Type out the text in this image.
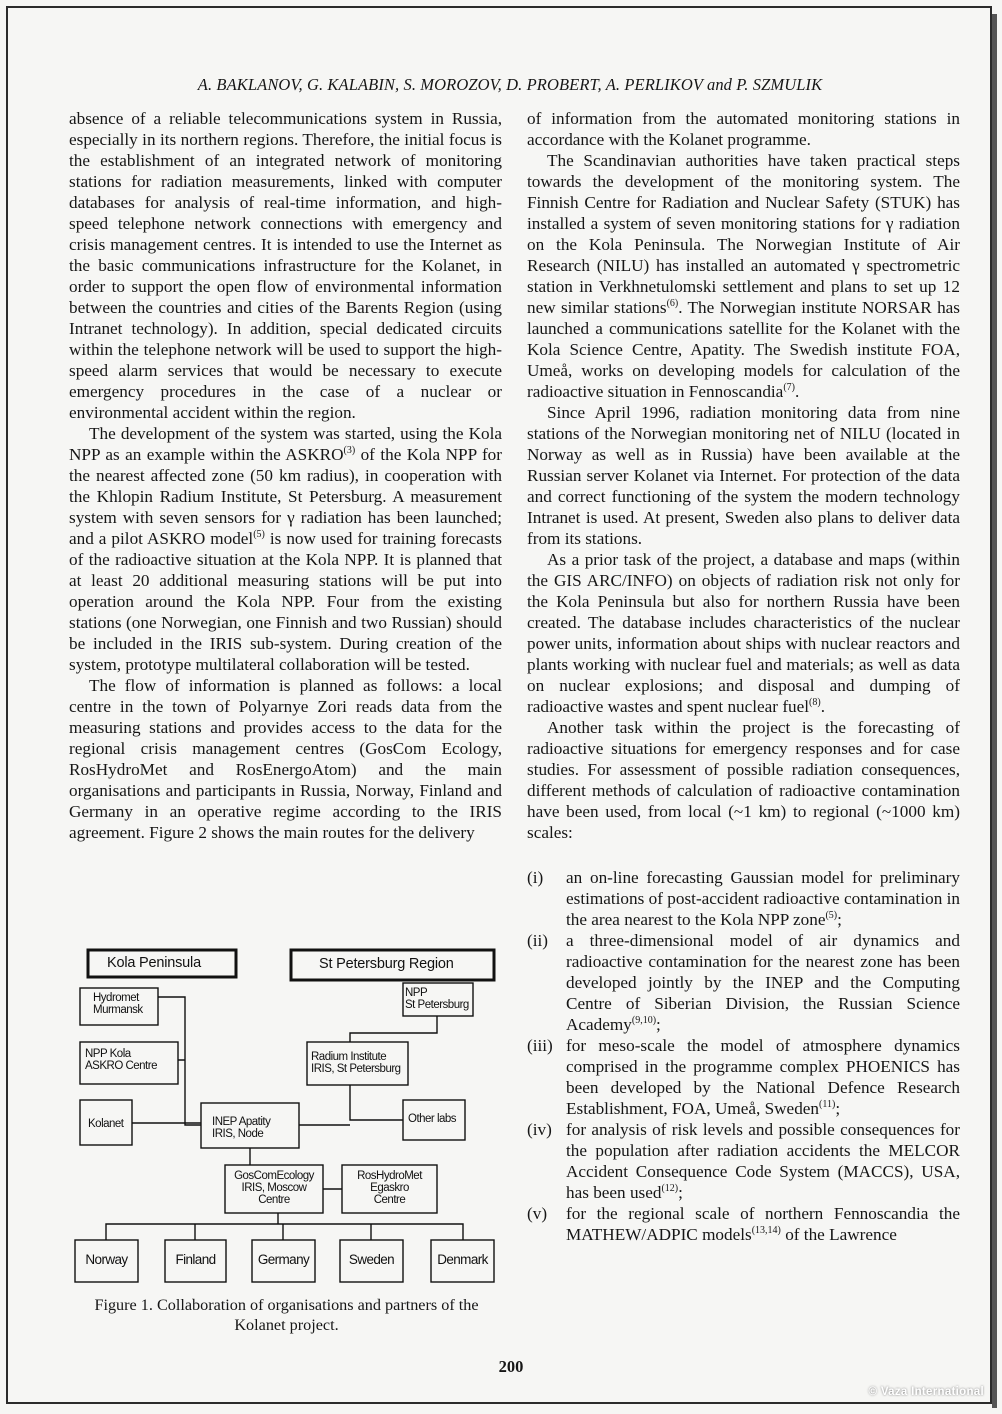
A. BAKLANOV, G. KALABIN, S. MOROZOV, D. PROBERT, A. PERLIKOV and P. SZMULIK

absence of a reliable telecommunications system in Russia, especially in its northern regions. Therefore, the initial focus is the establishment of an integrated network of monitoring stations for radiation measurements, linked with computer databases for analysis of real-time information, and high-speed telephone network connections with emergency and crisis management centres. It is intended to use the Internet as the basic communications infrastructure for the Kolanet, in order to support the open flow of environmental information between the countries and cities of the Barents Region (using Intranet technology). In addition, special dedicated circuits within the telephone network will be used to support the high-speed alarm services that would be necessary to execute emergency procedures in the case of a nuclear or environmental accident within the region.

The development of the system was started, using the Kola NPP as an example within the ASKRO$^{(3)}$ of the Kola NPP for the nearest affected zone (50 km radius), in cooperation with the Khlopin Radium Institute, St Petersburg. A measurement system with seven sensors for γ radiation has been launched; and a pilot ASKRO model$^{(5)}$ is now used for training forecasts of the radioactive situation at the Kola NPP. It is planned that at least 20 additional measuring stations will be put into operation around the Kola NPP. Four from the existing stations (one Norwegian, one Finnish and two Russian) should be included in the IRIS sub-system. During creation of the system, prototype multilateral collaboration will be tested.

The flow of information is planned as follows: a local centre in the town of Polyarnye Zori reads data from the measuring stations and provides access to the data for the regional crisis management centres (GosCom Ecology, RosHydroMet and RosEnergoAtom) and the main organisations and participants in Russia, Norway, Finland and Germany in an operative regime according to the IRIS agreement. Figure 2 shows the main routes for the delivery

Kola Peninsula	St Petersburg Region
Hydromet
Murmansk
NPP Kola
ASKRO Centre
Kolanet	INEP Apatity
IRIS, Node
NPP
St Petersburg
Radium Institute
IRIS, St Petersburg
Other labs
GosComEcology
IRIS, Moscow
Centre
RosHydroMet
Egaskro
Centre
Norway	Finland	Germany	Sweden	Denmark
Figure 1. Collaboration of organisations and partners of the Kolanet project.

of information from the automated monitoring stations in accordance with the Kolanet programme.

The Scandinavian authorities have taken practical steps towards the development of the monitoring system. The Finnish Centre for Radiation and Nuclear Safety (STUK) has installed a system of seven monitoring stations for γ radiation on the Kola Peninsula. The Norwegian Institute of Air Research (NILU) has installed an automated γ spectrometric station in Verkhnetulomski settlement and plans to set up 12 new similar stations$^{(6)}$. The Norwegian institute NORSAR has launched a communications satellite for the Kolanet with the Kola Science Centre, Apatity. The Swedish institute FOA, Umeå, works on developing models for calculation of the radioactive situation in Fennoscandia$^{(7)}$.

Since April 1996, radiation monitoring data from nine stations of the Norwegian monitoring net of NILU (located in Norway as well as in Russia) have been available at the Russian server Kolanet via Internet. For protection of the data and correct functioning of the system the modern technology Intranet is used. At present, Sweden also plans to deliver data from its stations.

As a prior task of the project, a database and maps (within the GIS ARC/INFO) on objects of radiation risk not only for the Kola Peninsula but also for northern Russia have been created. The database includes characteristics of the nuclear power units, information about ships with nuclear reactors and plants working with nuclear fuel and materials; as well as data on nuclear explosions; and disposal and dumping of radioactive wastes and spent nuclear fuel$^{(8)}$.

Another task within the project is the forecasting of radioactive situations for emergency responses and for case studies. For assessment of possible radiation consequences, different methods of calculation of radioactive contamination have been used, from local (~1 km) to regional (~1000 km) scales:

(i) an on-line forecasting Gaussian model for preliminary estimations of post-accident radioactive contamination in the area nearest to the Kola NPP zone$^{(5)}$;
(ii) a three-dimensional model of air dynamics and radioactive contamination for the nearest zone has been developed jointly by the INEP and the Computing Centre of Siberian Division, the Russian Science Academy$^{(9,10)}$;
(iii) for meso-scale the model of atmosphere dynamics comprised in the programme complex PHOENICS has been developed by the National Defence Research Establishment, FOA, Umeå, Sweden$^{(11)}$;
(iv) for analysis of risk levels and possible consequences for the population after radiation accidents the MELCOR Accident Consequence Code System (MACCS), USA, has been used$^{(12)}$;
(v) for the regional scale of northern Fennoscandia the MATHEW/ADPIC models$^{(13,14)}$ of the Lawrence
200
© Vaza International
